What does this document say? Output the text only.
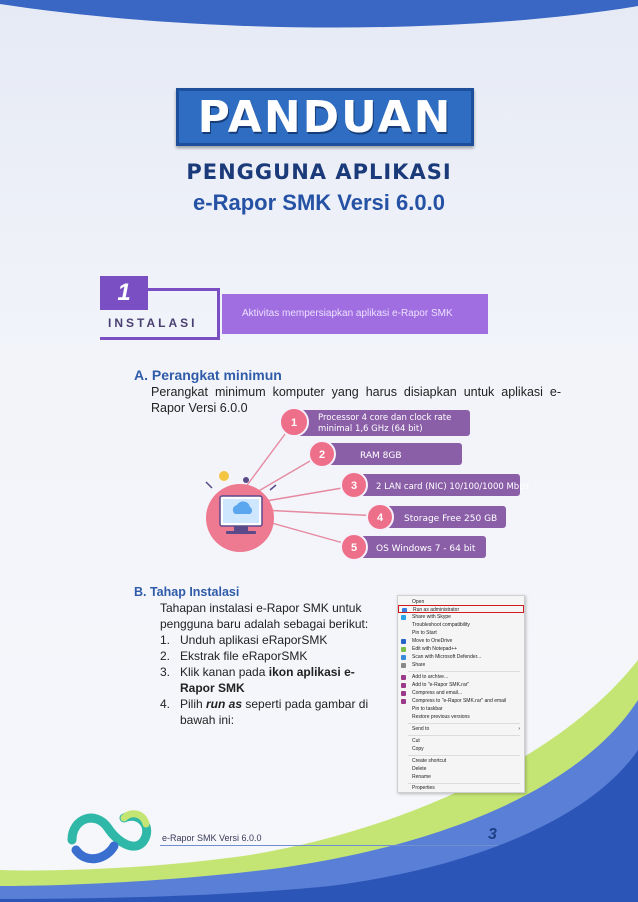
PANDUAN
PENGGUNA APLIKASI
e-Rapor SMK Versi 6.0.0
1
INSTALASI
Aktivitas mempersiapkan aplikasi e-Rapor SMK
A. Perangkat minimun
Perangkat minimum komputer yang harus disiapkan untuk aplikasi e-Rapor Versi 6.0.0
1 Processor 4 core dan clock rate
minimal 1,6 GHz (64 bit)
2	RAM 8GB
3 2 LAN card (NIC) 10/100/1000 Mbps
4 Storage Free 250 GB
5 OS Windows 7 - 64 bit
B. Tahap Instalasi
Tahapan instalasi e-Rapor SMK untuk pengguna baru adalah sebagai berikut:
1. Unduh aplikasi eRaporSMK
2. Ekstrak file eRaporSMK
3. Klik kanan pada ikon aplikasi e-Rapor SMK
4. Pilih run as seperti pada gambar di bawah ini:
Open
Run as administrator
Share with Skype
Troubleshoot compatibility
Pin to Start
Move to OneDrive
Edit with Notepad++
Scan with Microsoft Defender...
Share
Add to archive...
Add to "e-Rapor SMK.rar"
Compress and email...
Compress to "e-Rapor SMK.rar" and email
Pin to taskbar
Restore previous versions
Send to	›
Cut
Copy
Create shortcut
Delete
Rename
Properties
e-Rapor SMK Versi 6.0.0	3
